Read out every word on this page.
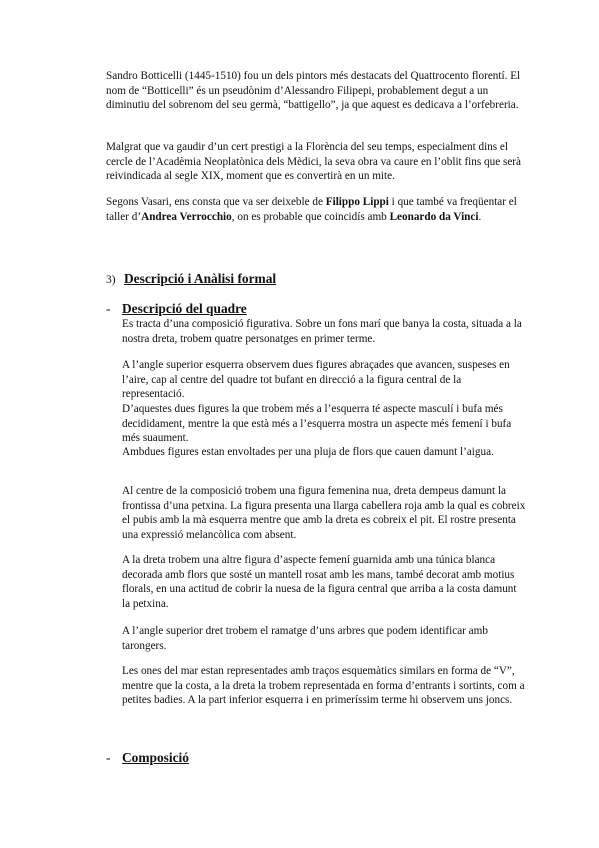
Sandro Botticelli (1445-1510) fou un dels pintors més destacats del Quattrocento florentí. El nom de “Botticelli” és un pseudònim d’Alessandro Filipepi, probablement degut a un diminutiu del sobrenom del seu germà, “battigello”, ja que aquest es dedicava a l’orfebreria.

Malgrat que va gaudir d’un cert prestigi a la Florència del seu temps, especialment dins el cercle de l’Acadèmia Neoplatònica dels Mèdici, la seva obra va caure en l’oblit fins que serà reivindicada al segle XIX, moment que es convertirà en un mite.

Segons Vasari, ens consta que va ser deixeble de Filippo Lippi i que també va freqüentar el taller d’Andrea Verrocchio, on es probable que coincidís amb Leonardo da Vinci.

3) Descripció i Anàlisi formal
- Descripció del quadre

Es tracta d’una composició figurativa. Sobre un fons marí que banya la costa, situada a la nostra dreta, trobem quatre personatges en primer terme.

A l’angle superior esquerra observem dues figures abraçades que avancen, suspeses en l’aire, cap al centre del quadre tot bufant en direcció a la figura central de la representació.

D’aquestes dues figures la que trobem més a l’esquerra té aspecte masculí i bufa més decididament, mentre la que està més a l’esquerra mostra un aspecte més femení i bufa més suaument.

Ambdues figures estan envoltades per una pluja de flors que cauen damunt l’aigua.

Al centre de la composició trobem una figura femenina nua, dreta dempeus damunt la frontissa d’una petxina. La figura presenta una llarga cabellera roja amb la qual es cobreix el pubis amb la mà esquerra mentre que amb la dreta es cobreix el pit. El rostre presenta una expressió melancòlica com absent.

A la dreta trobem una altre figura d’aspecte femení guarnida amb una túnica blanca decorada amb flors que sosté un mantell rosat amb les mans, també decorat amb motius florals, en una actitud de cobrir la nuesa de la figura central que arriba a la costa damunt la petxina.

A l’angle superior dret trobem el ramatge d’uns arbres que podem identificar amb tarongers.

Les ones del mar estan representades amb traços esquemàtics similars en forma de “V”, mentre que la costa, a la dreta la trobem representada en forma d’entrants i sortints, com a petites badies. A la part inferior esquerra i en primeríssim terme hi observem uns joncs.

- Composició
